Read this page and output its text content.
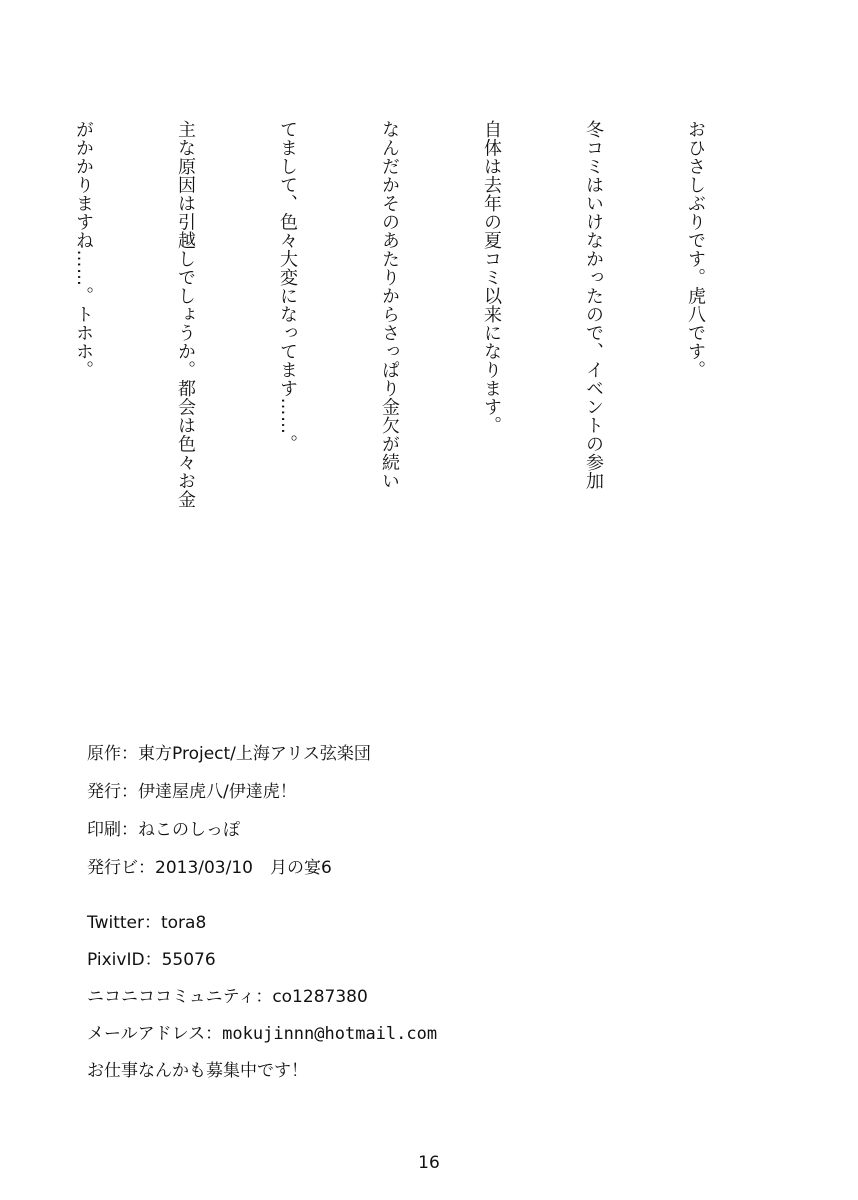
おひさしぶりです。虎八です。

冬コミはいけなかったので、イベントの参加

自体は去年の夏コミ以来になります。

なんだかそのあたりからさっぱり金欠が続い

てまして、色々大変になってます……。

主な原因は引越しでしょうか。都会は色々お金

がかかりますね……。トホホ。

原作：東方Project/上海アリス弦楽団
発行：伊達屋虎八/伊達虎！
印刷：ねこのしっぽ
発行ビ：2013/03/10　月の宴6
Twitter：tora8
PixivID：55076
ニコニココミュニティ：co1287380
メールアドレス：mokujinnn@hotmail.com
お仕事なんかも募集中です！
16
